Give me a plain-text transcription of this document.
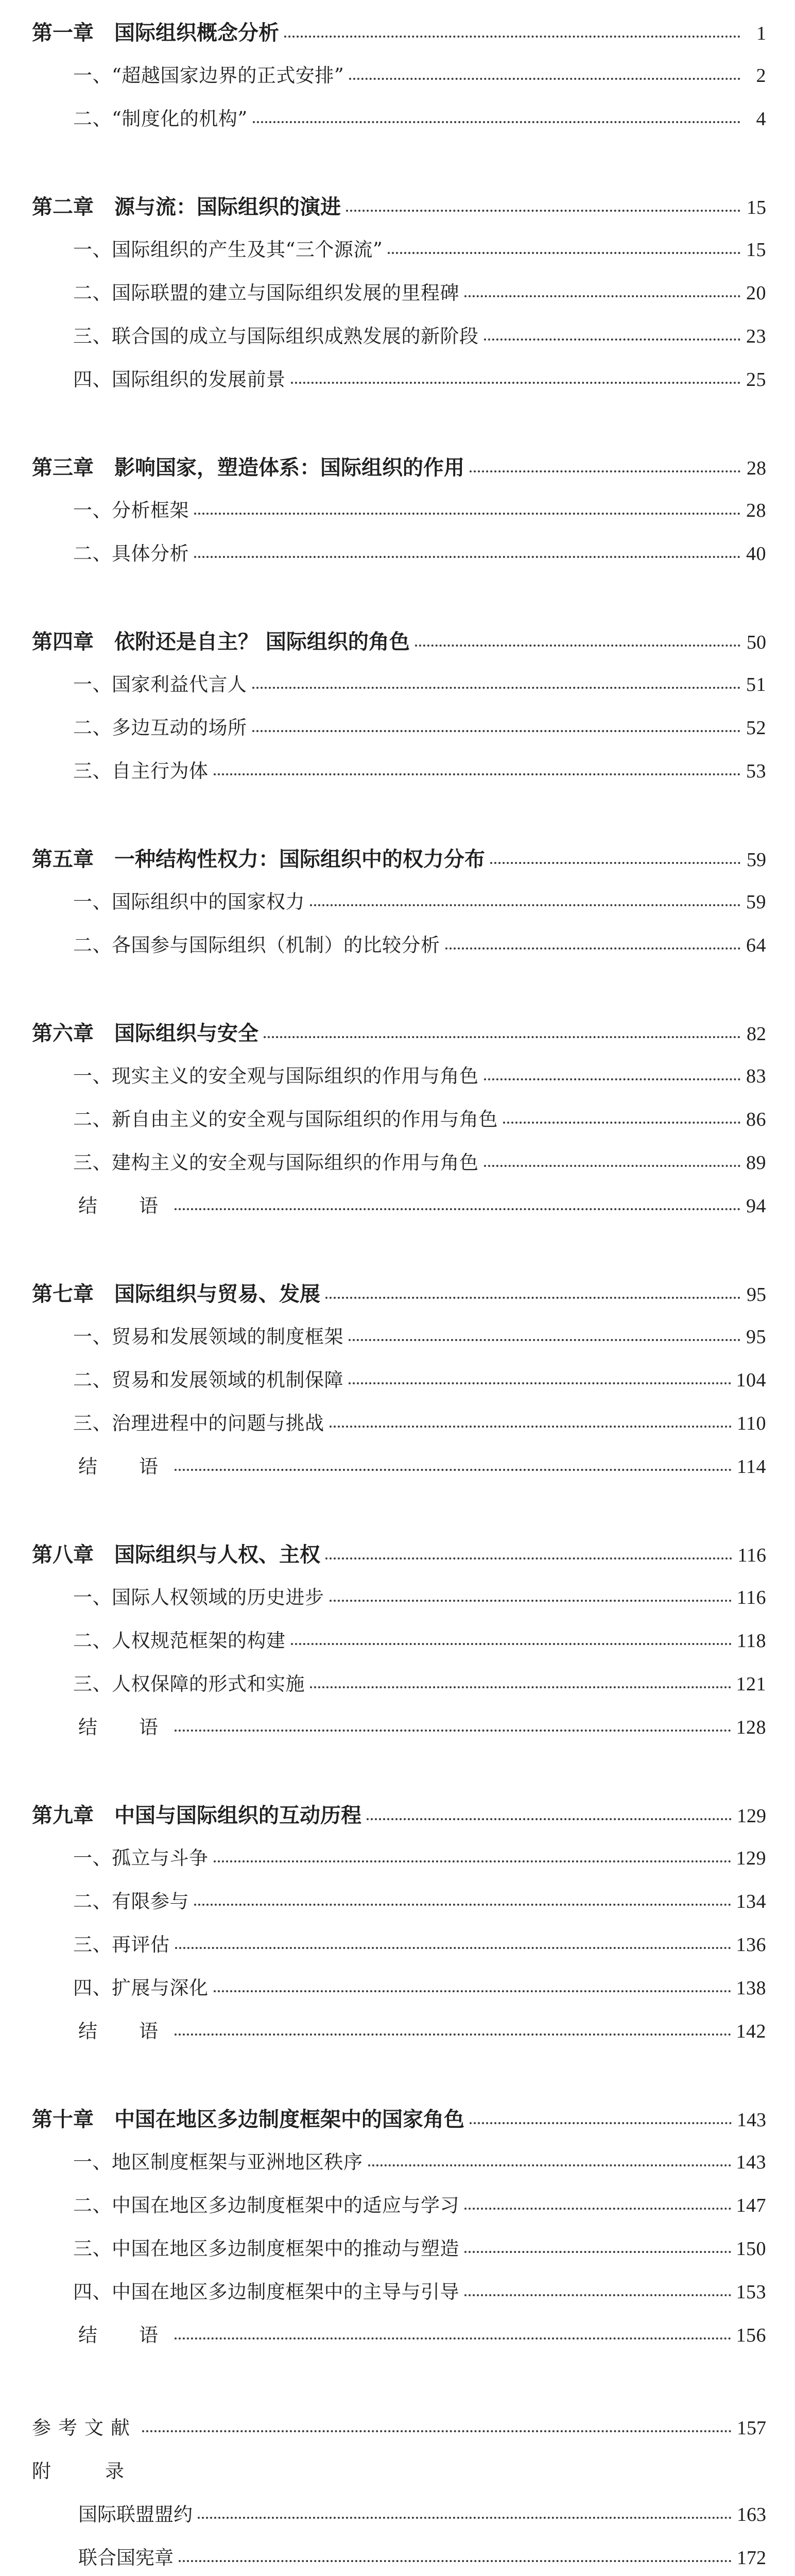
第一章 国际组织概念分析	1
一、“超越国家边界的正式安排”	2
二、“制度化的机构”	4
第二章 源与流：国际组织的演进	15
一、国际组织的产生及其“三个源流”	15
二、国际联盟的建立与国际组织发展的里程碑	20
三、联合国的成立与国际组织成熟发展的新阶段	23
四、国际组织的发展前景	25
第三章 影响国家，塑造体系：国际组织的作用	28
一、分析框架	28
二、具体分析	40
第四章 依附还是自主？ 国际组织的角色	50
一、国家利益代言人	51
二、多边互动的场所	52
三、自主行为体	53
第五章 一种结构性权力：国际组织中的权力分布	59
一、国际组织中的国家权力	59
二、各国参与国际组织（机制）的比较分析	64
第六章 国际组织与安全	82
一、现实主义的安全观与国际组织的作用与角色	83
二、新自由主义的安全观与国际组织的作用与角色	86
三、建构主义的安全观与国际组织的作用与角色	89
结　语	94
第七章 国际组织与贸易、发展	95
一、贸易和发展领域的制度框架	95
二、贸易和发展领域的机制保障	104
三、治理进程中的问题与挑战	110
结　语	114
第八章 国际组织与人权、主权	116
一、国际人权领域的历史进步	116
二、人权规范框架的构建	118
三、人权保障的形式和实施	121
结　语	128
第九章 中国与国际组织的互动历程	129
一、孤立与斗争	129
二、有限参与	134
三、再评估	136
四、扩展与深化	138
结　语	142
第十章 中国在地区多边制度框架中的国家角色	143
一、地区制度框架与亚洲地区秩序	143
二、中国在地区多边制度框架中的适应与学习	147
三、中国在地区多边制度框架中的推动与塑造	150
四、中国在地区多边制度框架中的主导与引导	153
结　语	156
参考文献	157
附　录
国际联盟盟约	163
联合国宪章	172
